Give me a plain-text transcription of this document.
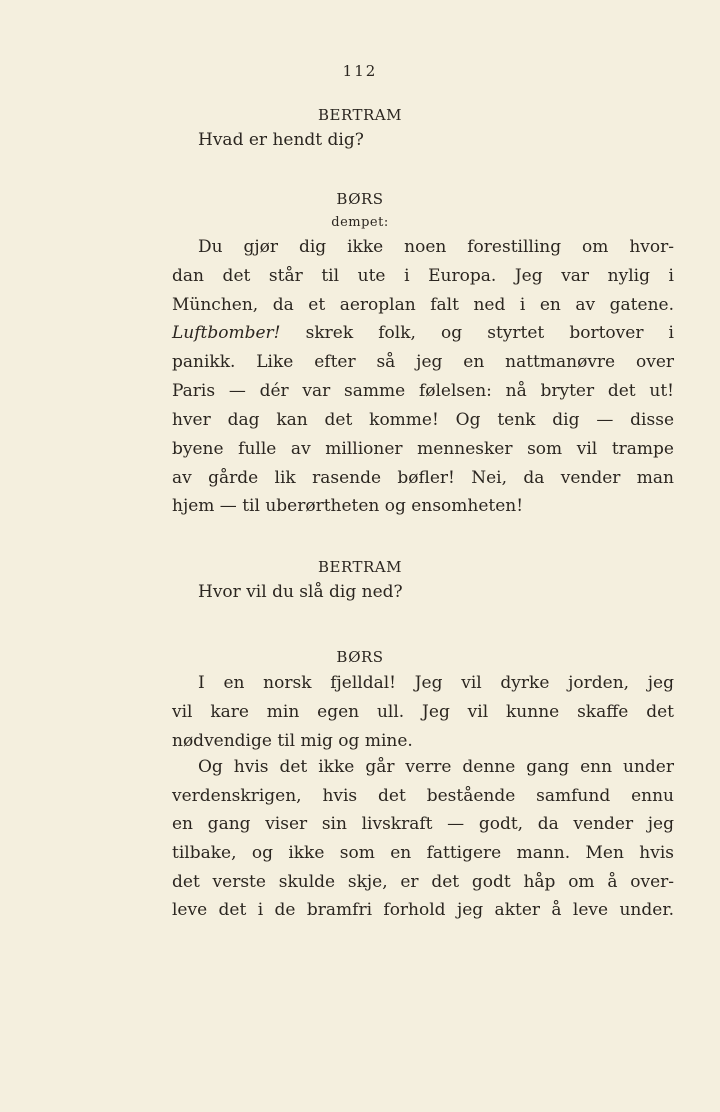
112
BERTRAM
Hvad er hendt dig?
BØRS
dempet:
Du gjør dig ikke noen forestilling om hvor-
dan det står til ute i Europa. Jeg var nylig i
München, da et aeroplan falt ned i en av gatene.
Luftbomber! skrek folk, og styrtet bortover i
panikk. Like efter så jeg en nattmanøvre over
Paris — dér var samme følelsen: nå bryter det ut!
hver dag kan det komme! Og tenk dig — disse
byene fulle av millioner mennesker som vil trampe
av gårde lik rasende bøfler! Nei, da vender man
hjem — til uberørtheten og ensomheten!
BERTRAM
Hvor vil du slå dig ned?
BØRS
I en norsk fjelldal! Jeg vil dyrke jorden, jeg
vil kare min egen ull. Jeg vil kunne skaffe det
nødvendige til mig og mine.
Og hvis det ikke går verre denne gang enn under
verdenskrigen, hvis det bestående samfund ennu
en gang viser sin livskraft — godt, da vender jeg
tilbake, og ikke som en fattigere mann. Men hvis
det verste skulde skje, er det godt håp om å over-
leve det i de bramfri forhold jeg akter å leve under.
